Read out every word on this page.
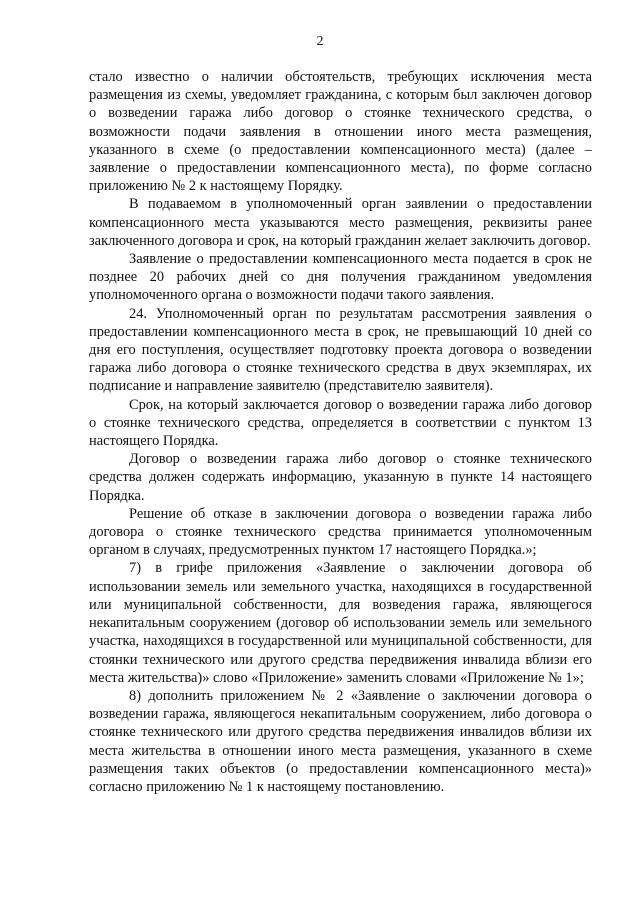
2

стало известно о наличии обстоятельств, требующих исключения места размещения из схемы, уведомляет гражданина, с которым был заключен договор о возведении гаража либо договор о стоянке технического средства, о возможности подачи заявления в отношении иного места размещения, указанного в схеме (о предоставлении компенсационного места) (далее – заявление о предоставлении компенсационного места), по форме согласно приложению № 2 к настоящему Порядку.

В подаваемом в уполномоченный орган заявлении о предоставлении компенсационного места указываются место размещения, реквизиты ранее заключенного договора и срок, на который гражданин желает заключить договор.

Заявление о предоставлении компенсационного места подается в срок не позднее 20 рабочих дней со дня получения гражданином уведомления уполномоченного органа о возможности подачи такого заявления.

24. Уполномоченный орган по результатам рассмотрения заявления о предоставлении компенсационного места в срок, не превышающий 10 дней со дня его поступления, осуществляет подготовку проекта договора о возведении гаража либо договора о стоянке технического средства в двух экземплярах, их подписание и направление заявителю (представителю заявителя).

Срок, на который заключается договор о возведении гаража либо договор о стоянке технического средства, определяется в соответствии с пунктом 13 настоящего Порядка.

Договор о возведении гаража либо договор о стоянке технического средства должен содержать информацию, указанную в пункте 14 настоящего Порядка.

Решение об отказе в заключении договора о возведении гаража либо договора о стоянке технического средства принимается уполномоченным органом в случаях, предусмотренных пунктом 17 настоящего Порядка.»;

7) в грифе приложения «Заявление о заключении договора об использовании земель или земельного участка, находящихся в государственной или муниципальной собственности, для возведения гаража, являющегося некапитальным сооружением (договор об использовании земель или земельного участка, находящихся в государственной или муниципальной собственности, для стоянки технического или другого средства передвижения инвалида вблизи его места жительства)» слово «Приложение» заменить словами «Приложение № 1»;

8) дополнить приложением № 2 «Заявление о заключении договора о возведении гаража, являющегося некапитальным сооружением, либо договора о стоянке технического или другого средства передвижения инвалидов вблизи их места жительства в отношении иного места размещения, указанного в схеме размещения таких объектов (о предоставлении компенсационного места)» согласно приложению № 1 к настоящему постановлению.
